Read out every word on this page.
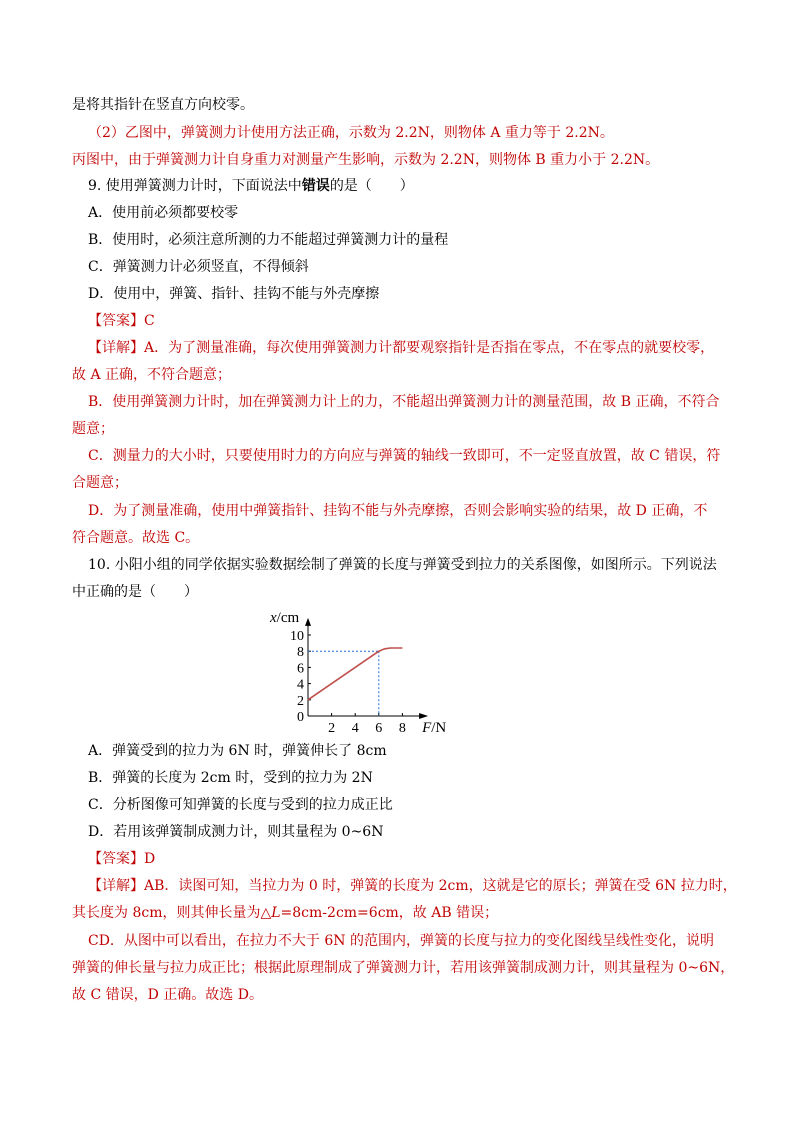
是将其指针在竖直方向校零。
（2）乙图中，弹簧测力计使用方法正确，示数为 2.2N，则物体 A 重力等于 2.2N。
丙图中，由于弹簧测力计自身重力对测量产生影响，示数为 2.2N，则物体 B 重力小于 2.2N。
9. 使用弹簧测力计时，下面说法中错误的是（　　）
A．使用前必须都要校零
B．使用时，必须注意所测的力不能超过弹簧测力计的量程
C．弹簧测力计必须竖直，不得倾斜
D．使用中，弹簧、指针、挂钩不能与外壳摩擦
【答案】C
【详解】A．为了测量准确，每次使用弹簧测力计都要观察指针是否指在零点，不在零点的就要校零，
故 A 正确，不符合题意；
B．使用弹簧测力计时，加在弹簧测力计上的力，不能超出弹簧测力计的测量范围，故 B 正确，不符合
题意；
C．测量力的大小时，只要使用时力的方向应与弹簧的轴线一致即可，不一定竖直放置，故 C 错误，符
合题意；
D．为了测量准确，使用中弹簧指针、挂钩不能与外壳摩擦，否则会影响实验的结果，故 D 正确，不
符合题意。故选 C。
10. 小阳小组的同学依据实验数据绘制了弹簧的长度与弹簧受到拉力的关系图像，如图所示。下列说法
中正确的是（　　）
A．弹簧受到的拉力为 6N 时，弹簧伸长了 8cm
B．弹簧的长度为 2cm 时，受到的拉力为 2N
C．分析图像可知弹簧的长度与受到的拉力成正比
D．若用该弹簧制成测力计，则其量程为 0~6N
【答案】D
【详解】AB．读图可知，当拉力为 0 时，弹簧的长度为 2cm，这就是它的原长；弹簧在受 6N 拉力时，
其长度为 8cm，则其伸长量为△L=8cm-2cm=6cm，故 AB 错误；
CD．从图中可以看出，在拉力不大于 6N 的范围内，弹簧的长度与拉力的变化图线呈线性变化，说明
弹簧的伸长量与拉力成正比；根据此原理制成了弹簧测力计，若用该弹簧制成测力计，则其量程为 0~6N，
故 C 错误，D 正确。故选 D。
0
2
4
6
8
10
2 4 6 8
x/cm
F/N
